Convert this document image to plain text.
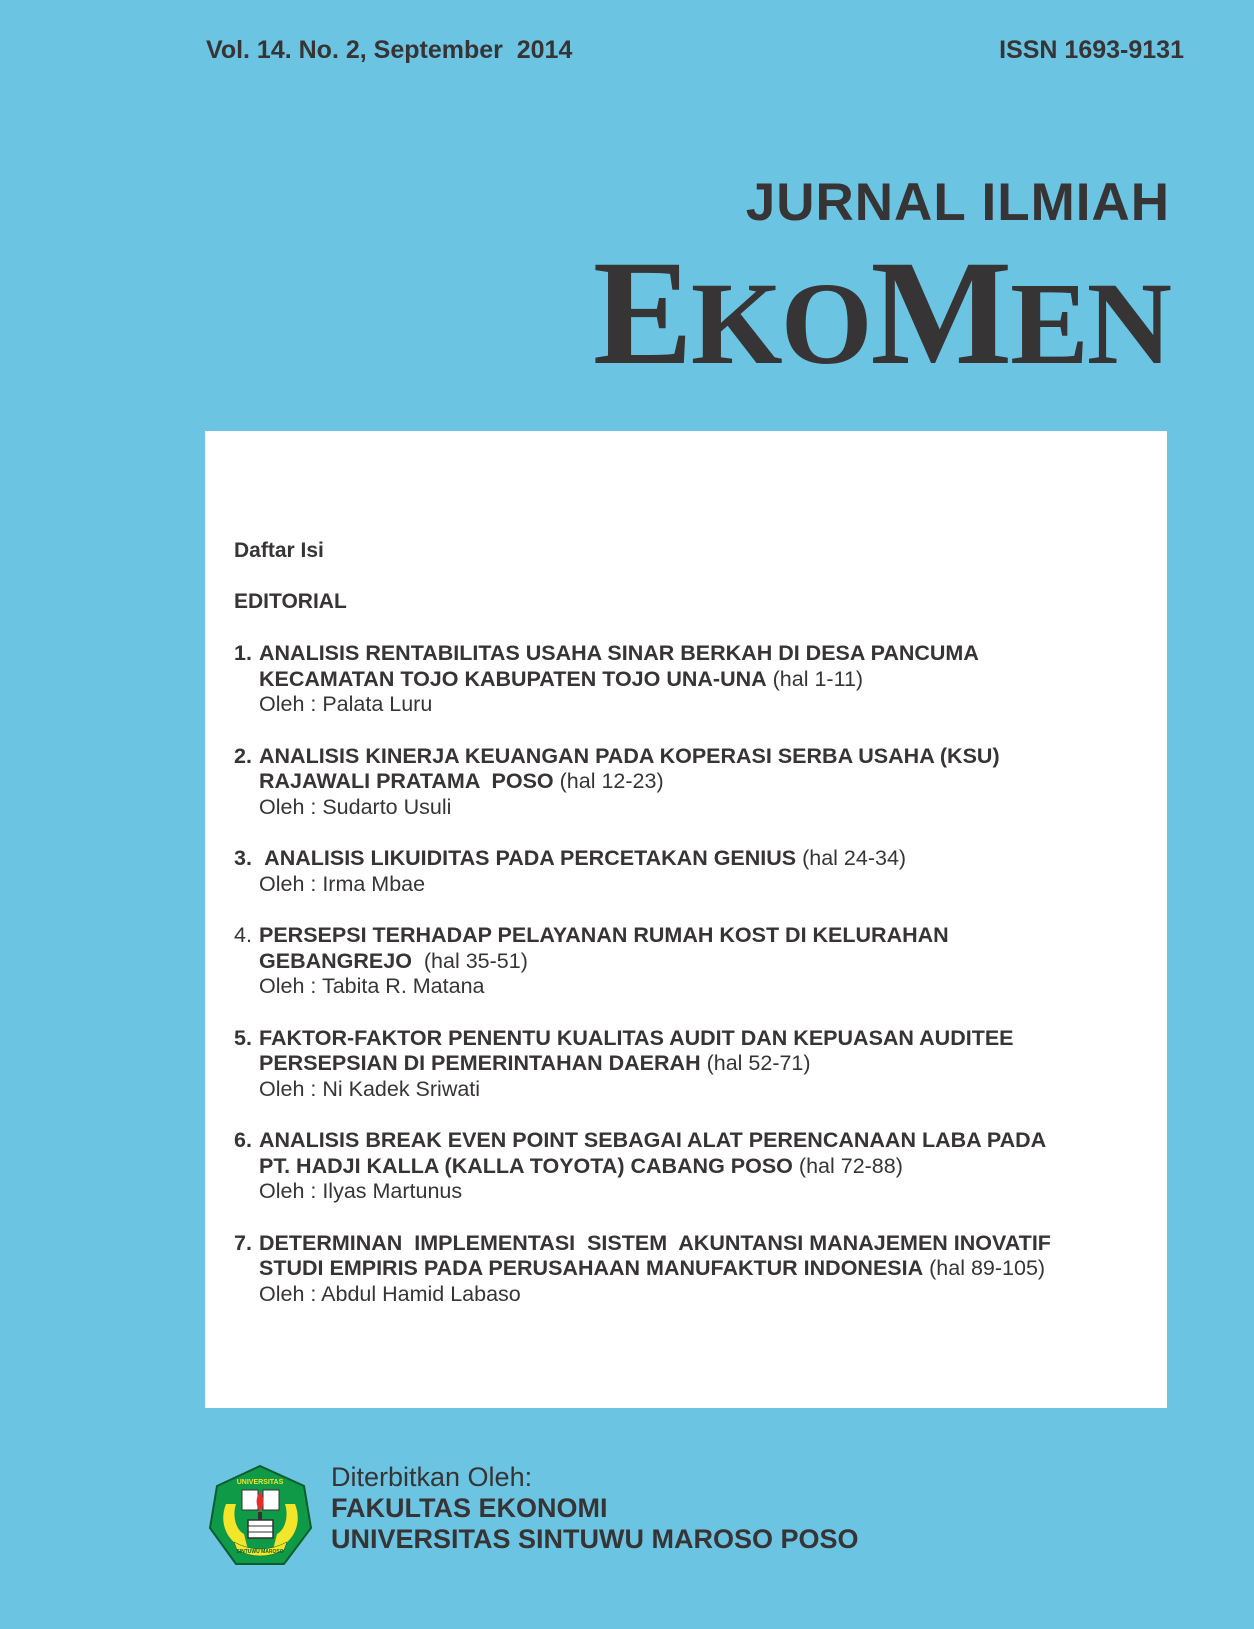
Vol. 14. No. 2, September  2014	ISSN 1693-9131
JURNAL ILMIAH
EKOMEN
Daftar Isi
EDITORIAL
1. ANALISIS RENTABILITAS USAHA SINAR BERKAH DI DESA PANCUMA
KECAMATAN TOJO KABUPATEN TOJO UNA-UNA (hal 1-11)
Oleh : Palata Luru
2. ANALISIS KINERJA KEUANGAN PADA KOPERASI SERBA USAHA (KSU)
RAJAWALI PRATAMA  POSO (hal 12-23)
Oleh : Sudarto Usuli
3. ANALISIS LIKUIDITAS PADA PERCETAKAN GENIUS (hal 24-34)
Oleh : Irma Mbae
4. PERSEPSI TERHADAP PELAYANAN RUMAH KOST DI KELURAHAN
GEBANGREJO  (hal 35-51)
Oleh : Tabita R. Matana
5. FAKTOR-FAKTOR PENENTU KUALITAS AUDIT DAN KEPUASAN AUDITEE
PERSEPSIAN DI PEMERINTAHAN DAERAH (hal 52-71)
Oleh : Ni Kadek Sriwati
6. ANALISIS BREAK EVEN POINT SEBAGAI ALAT PERENCANAAN LABA PADA
PT. HADJI KALLA (KALLA TOYOTA) CABANG POSO (hal 72-88)
Oleh : Ilyas Martunus
7. DETERMINAN  IMPLEMENTASI  SISTEM  AKUNTANSI MANAJEMEN INOVATIF
STUDI EMPIRIS PADA PERUSAHAAN MANUFAKTUR INDONESIA (hal 89-105)
Oleh : Abdul Hamid Labaso
UNIVERSITAS
SINTUWU MAROSO
Diterbitkan Oleh:
FAKULTAS EKONOMI
UNIVERSITAS SINTUWU MAROSO POSO
